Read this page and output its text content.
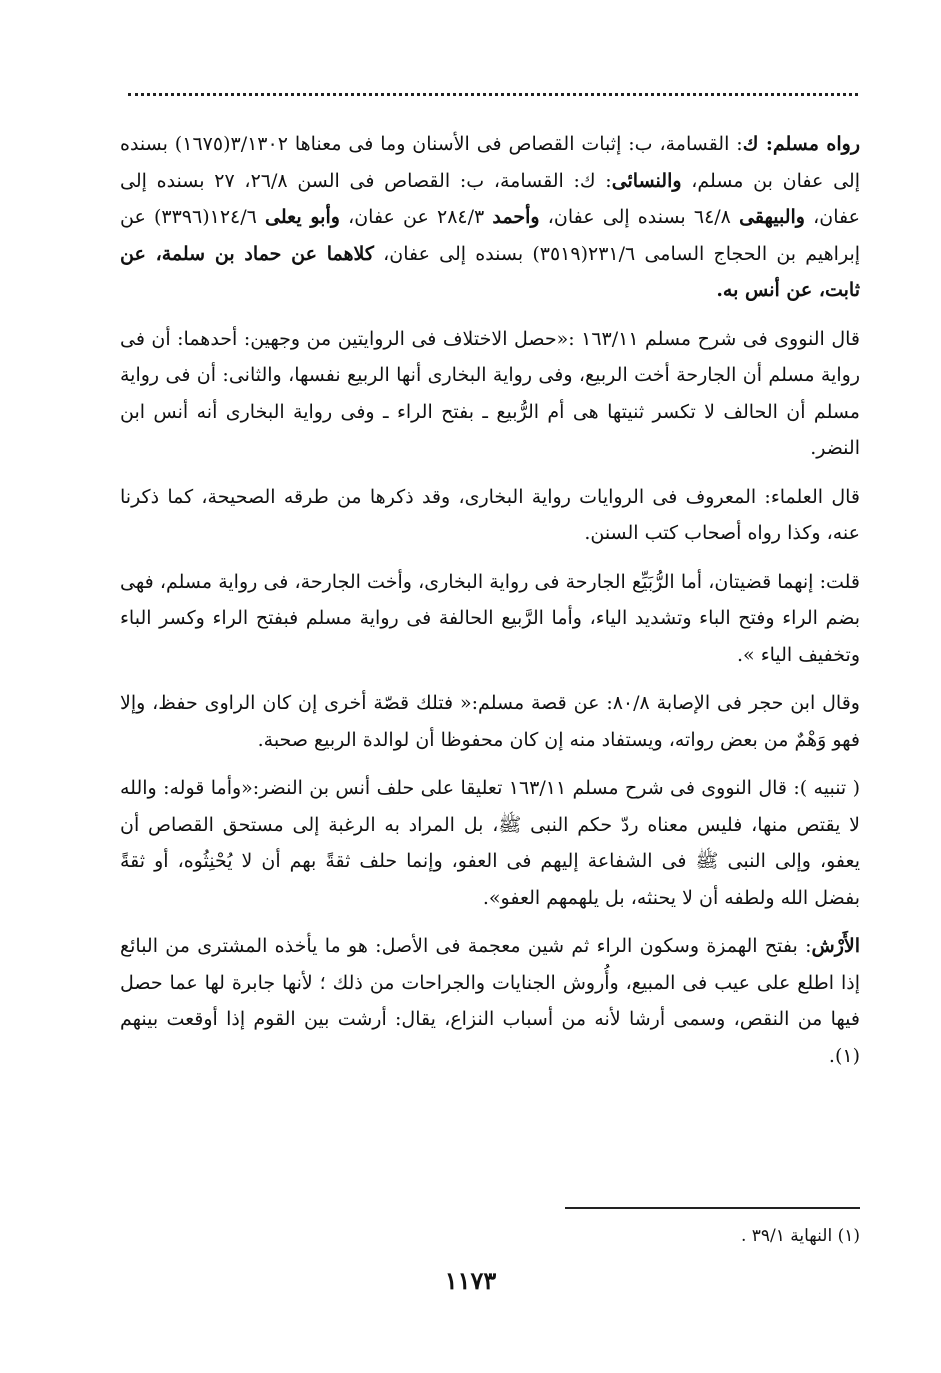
رواه مسلم: ك: القسامة، ب: إثبات القصاص فى الأسنان وما فى معناها ٣/١٣٠٢(١٦٧٥) بسنده إلى عفان بن مسلم، والنسائى: ك: القسامة، ب: القصاص فى السن ٢٦/٨، ٢٧ بسنده إلى عفان، والبيهقى ٦٤/٨ بسنده إلى عفان، وأحمد ٢٨٤/٣ عن عفان، وأبو يعلى ١٢٤/٦(٣٣٩٦) عن إبراهيم بن الحجاج السامى ٢٣١/٦(٣٥١٩) بسنده إلى عفان، كلاهما عن حماد بن سلمة، عن ثابت، عن أنس به.

قال النووى فى شرح مسلم ١٦٣/١١ :«حصل الاختلاف فى الروايتين من وجهين: أحدهما: أن فى رواية مسلم أن الجارحة أخت الربيع، وفى رواية البخارى أنها الربيع نفسها، والثانى: أن فى رواية مسلم أن الحالف لا تكسر ثنيتها هى أم الرُّبيع ـ بفتح الراء ـ وفى رواية البخارى أنه أنس ابن النضر.

قال العلماء: المعروف فى الروايات رواية البخارى، وقد ذكرها من طرقه الصحيحة، كما ذكرنا عنه، وكذا رواه أصحاب كتب السنن.

قلت: إنهما قضيتان، أما الرُّبَيِّع الجارحة فى رواية البخارى، وأخت الجارحة، فى رواية مسلم، فهى بضم الراء وفتح الباء وتشديد الياء، وأما الرَّبيع الحالفة فى رواية مسلم فبفتح الراء وكسر الباء وتخفيف الياء ».

وقال ابن حجر فى الإصابة ٨٠/٨: عن قصة مسلم:« فتلك قصّة أخرى إن كان الراوى حفظ، وإلا فهو وَهْمٌ من بعض رواته، ويستفاد منه إن كان محفوظا أن لوالدة الربيع صحبة.

( تنبيه ): قال النووى فى شرح مسلم ١٦٣/١١ تعليقا على حلف أنس بن النضر:«وأما قوله: والله لا يقتص منها، فليس معناه ردّ حكم النبى ﷺ، بل المراد به الرغبة إلى مستحق القصاص أن يعفو، وإلى النبى ﷺ فى الشفاعة إليهم فى العفو، وإنما حلف ثقةً بهم أن لا يُحْنِثُوه، أو ثقةً بفضل الله ولطفه أن لا يحنثه، بل يلهمهم العفو».

الأَرْش: بفتح الهمزة وسكون الراء ثم شين معجمة فى الأصل: هو ما يأخذه المشترى من البائع إذا اطلع على عيب فى المبيع، وأُروش الجنايات والجراحات من ذلك ؛ لأنها جابرة لها عما حصل فيها من النقص، وسمى أرشا لأنه من أسباب النزاع، يقال: أرشت بين القوم إذا أوقعت بينهم (١).

(١) النهاية ٣٩/١ .
١١٧٣
